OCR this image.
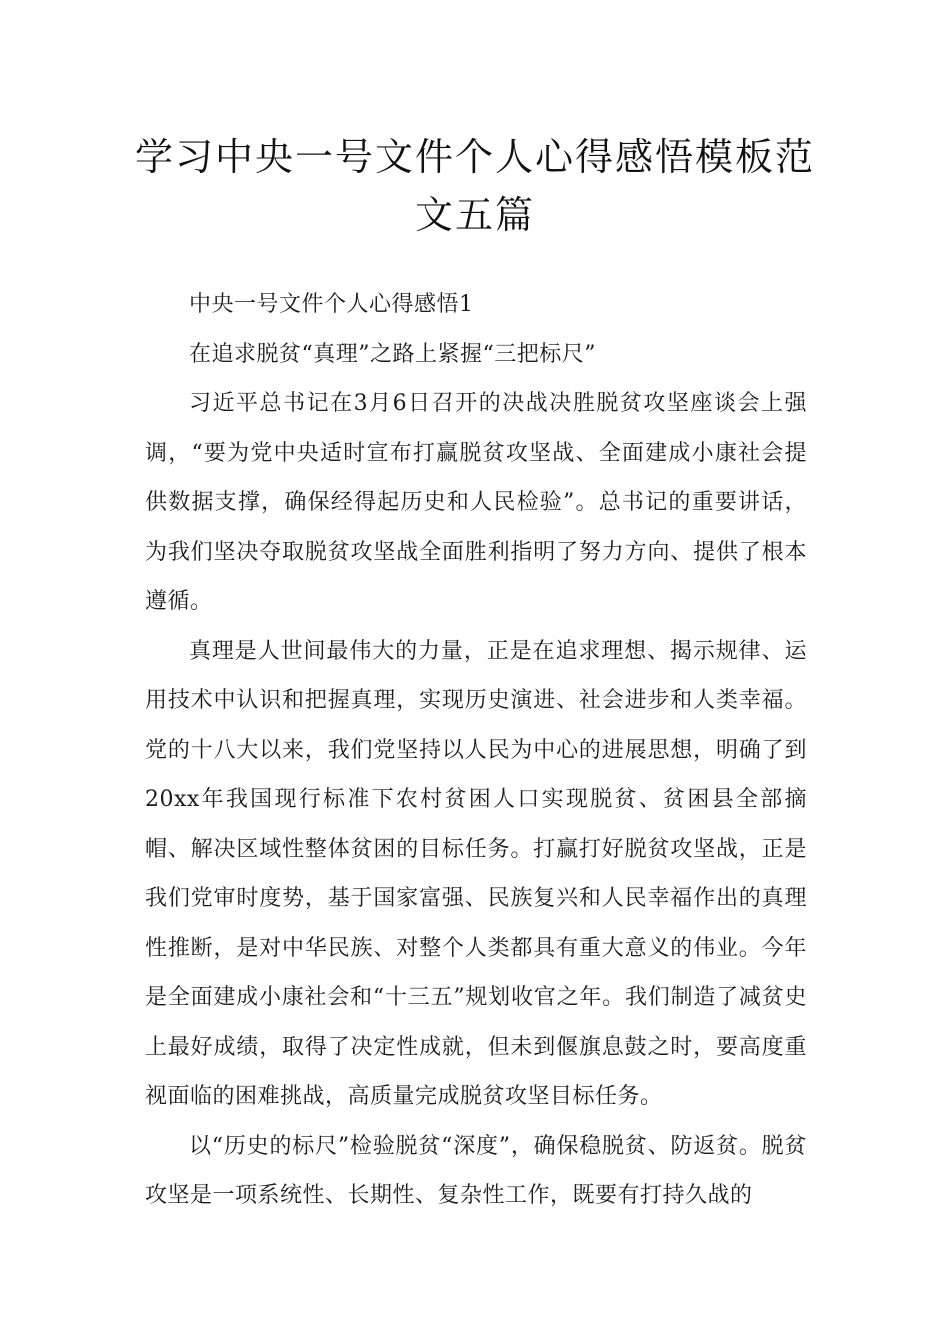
学习中央一号文件个人心得感悟模板范文五篇

中央一号文件个人心得感悟1

在追求脱贫“真理”之路上紧握“三把标尺”

习近平总书记在3月6日召开的决战决胜脱贫攻坚座谈会上强调，“要为党中央适时宣布打赢脱贫攻坚战、全面建成小康社会提供数据支撑，确保经得起历史和人民检验”。总书记的重要讲话，为我们坚决夺取脱贫攻坚战全面胜利指明了努力方向、提供了根本遵循。

真理是人世间最伟大的力量，正是在追求理想、揭示规律、运用技术中认识和把握真理，实现历史演进、社会进步和人类幸福。党的十八大以来，我们党坚持以人民为中心的进展思想，明确了到20xx年我国现行标准下农村贫困人口实现脱贫、贫困县全部摘帽、解决区域性整体贫困的目标任务。打赢打好脱贫攻坚战，正是我们党审时度势，基于国家富强、民族复兴和人民幸福作出的真理性推断，是对中华民族、对整个人类都具有重大意义的伟业。今年是全面建成小康社会和“十三五”规划收官之年。我们制造了减贫史上最好成绩，取得了决定性成就，但未到偃旗息鼓之时，要高度重视面临的困难挑战，高质量完成脱贫攻坚目标任务。

以“历史的标尺”检验脱贫“深度”，确保稳脱贫、防返贫。脱贫攻坚是一项系统性、长期性、复杂性工作，既要有打持久战的
